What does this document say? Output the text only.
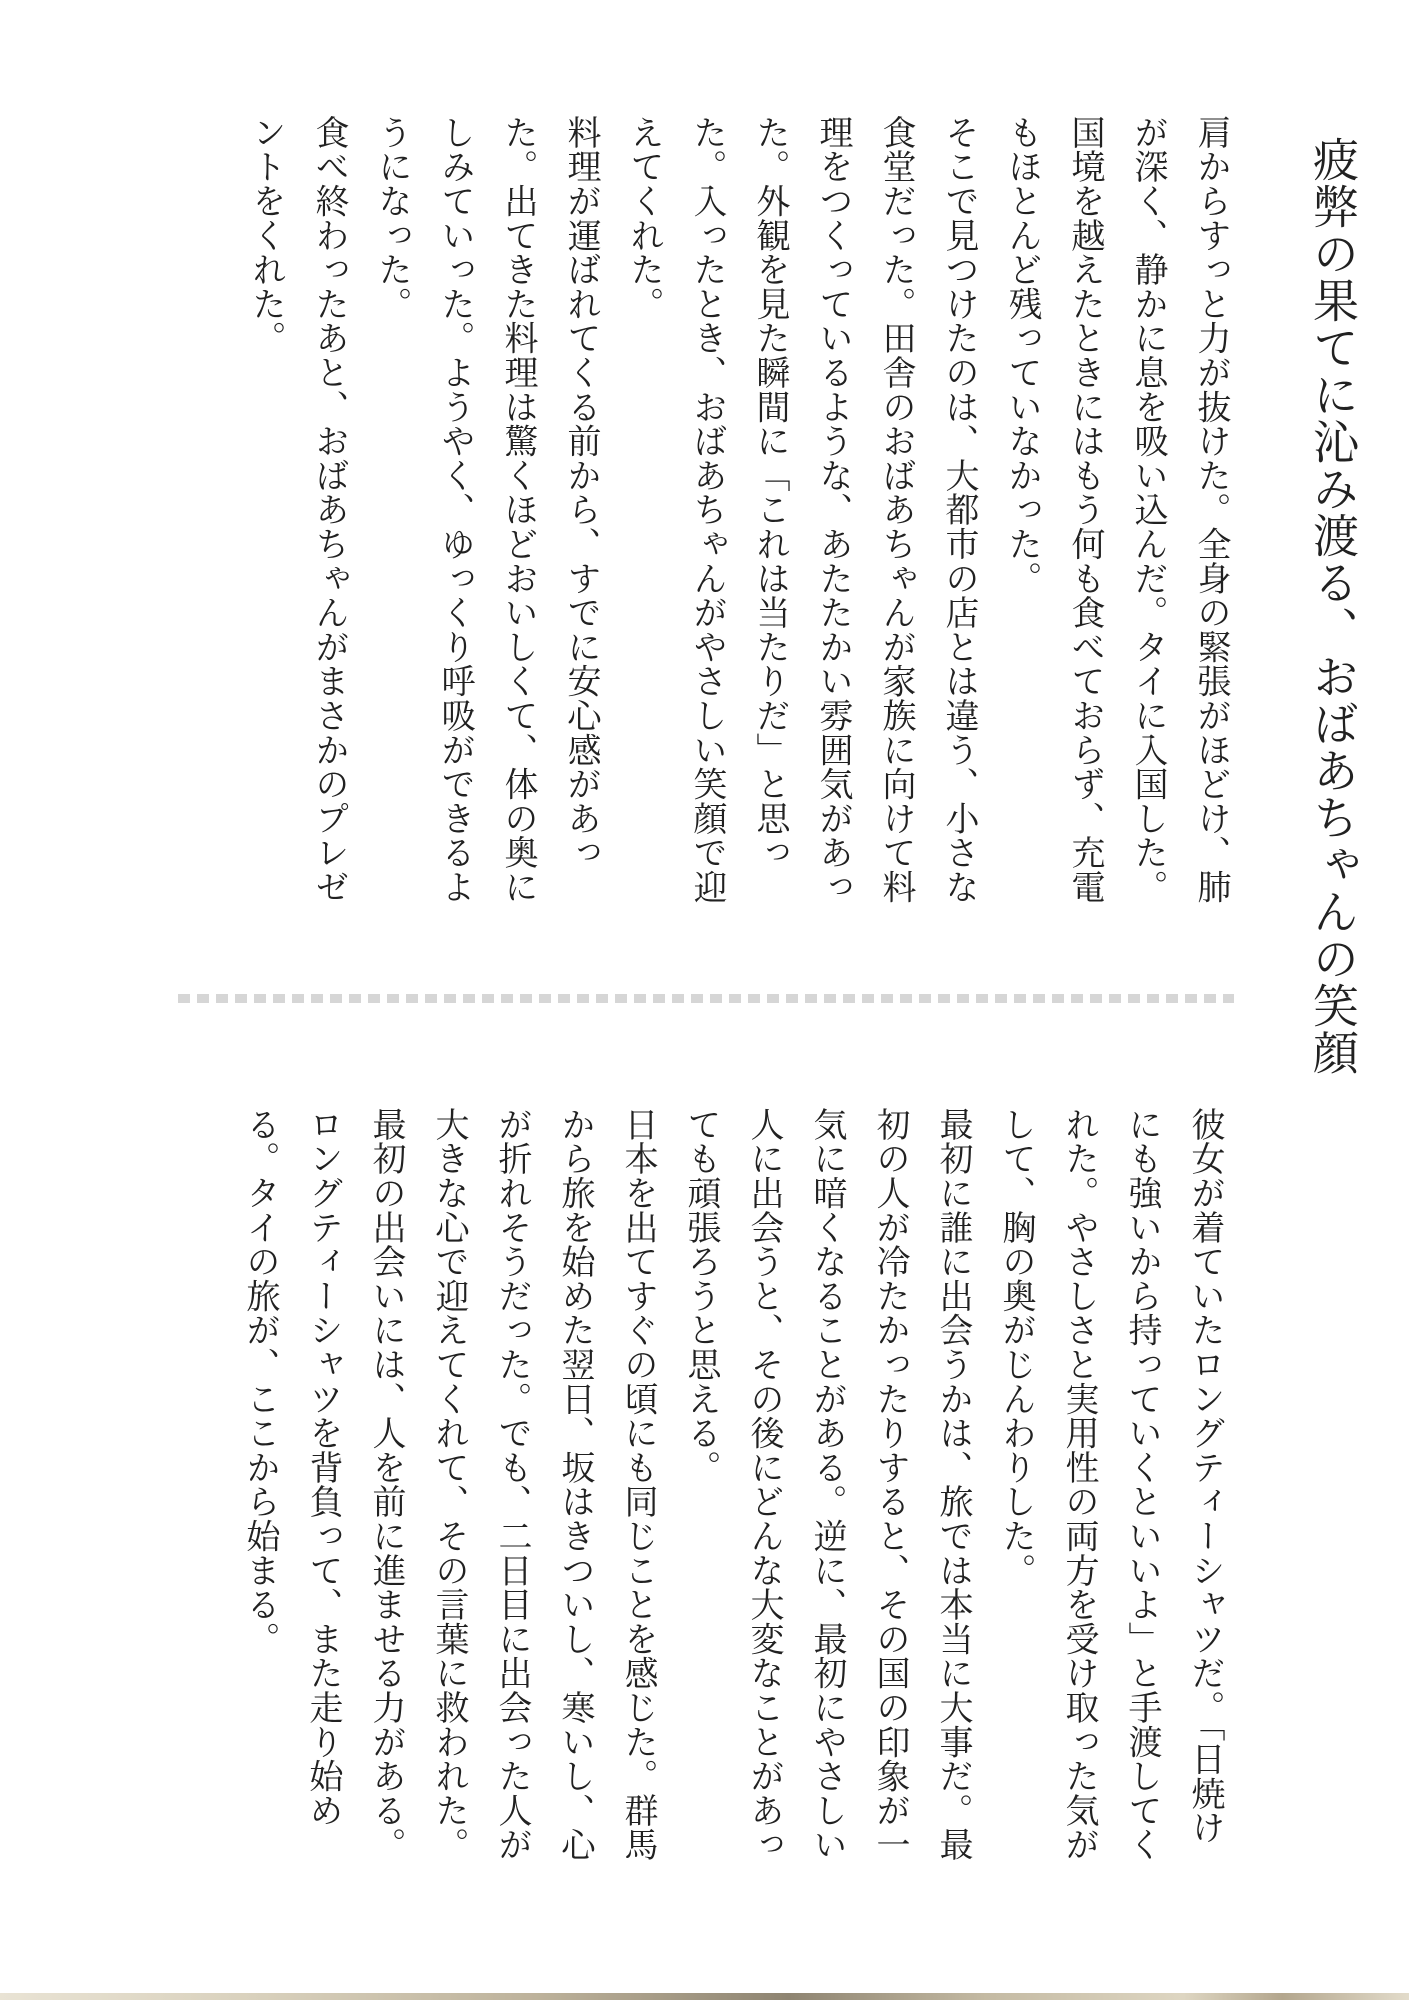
疲弊の果てに沁み渡る、おばあちゃんの笑顔
肩からすっと力が抜けた。全身の緊張がほどけ、肺
が深く、静かに息を吸い込んだ。タイに入国した。
国境を越えたときにはもう何も食べておらず、充電
もほとんど残っていなかった。
そこで見つけたのは、大都市の店とは違う、小さな
食堂だった。田舎のおばあちゃんが家族に向けて料
理をつくっているような、あたたかい雰囲気があっ
た。外観を見た瞬間に「これは当たりだ」と思っ
た。入ったとき、おばあちゃんがやさしい笑顔で迎
えてくれた。
料理が運ばれてくる前から、すでに安心感があっ
た。出てきた料理は驚くほどおいしくて、体の奥に
しみていった。ようやく、ゆっくり呼吸ができるよ
うになった。
食べ終わったあと、おばあちゃんがまさかのプレゼ
ントをくれた。
彼女が着ていたロングティーシャツだ。「日焼け
にも強いから持っていくといいよ」と手渡してく
れた。やさしさと実用性の両方を受け取った気が
して、胸の奥がじんわりした。
最初に誰に出会うかは、旅では本当に大事だ。最
初の人が冷たかったりすると、その国の印象が一
気に暗くなることがある。逆に、最初にやさしい
人に出会うと、その後にどんな大変なことがあっ
ても頑張ろうと思える。
日本を出てすぐの頃にも同じことを感じた。群馬
から旅を始めた翌日、坂はきついし、寒いし、心
が折れそうだった。でも、二日目に出会った人が
大きな心で迎えてくれて、その言葉に救われた。
最初の出会いには、人を前に進ませる力がある。
ロングティーシャツを背負って、また走り始め
る。タイの旅が、ここから始まる。
